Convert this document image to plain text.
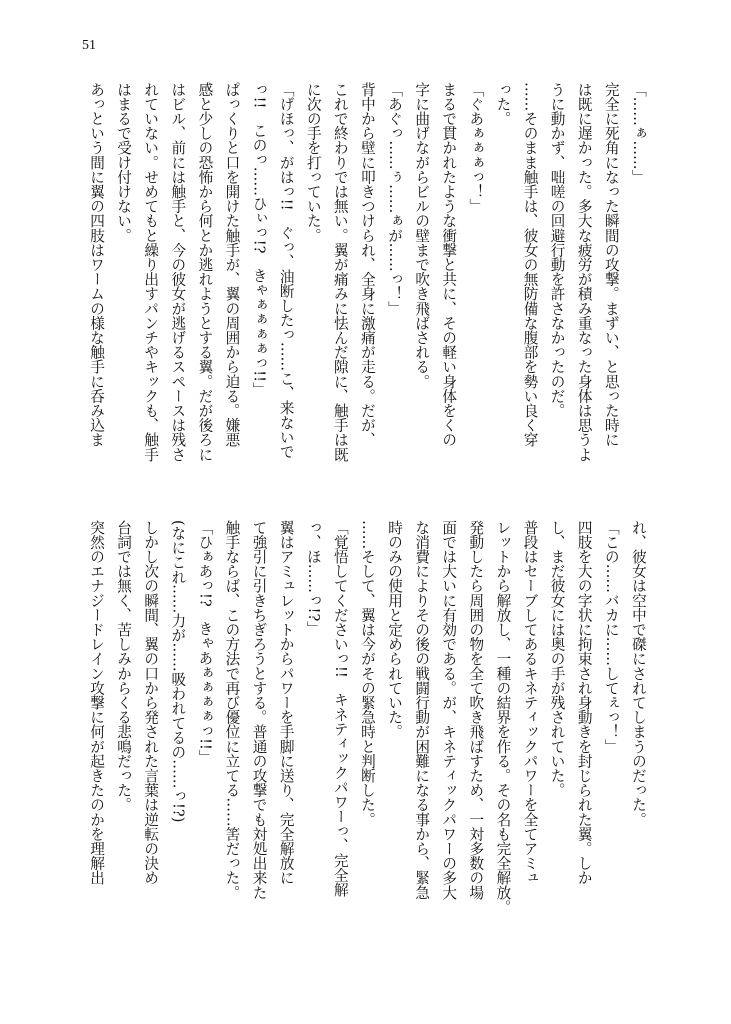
51
「……ぁ……」
完全に死角になった瞬間の攻撃。まずい、と思った時に
は既に遅かった。多大な疲労が積み重なった身体は思うよ
うに動かず、咄嗟の回避行動を許さなかったのだ。
……そのまま触手は、彼女の無防備な腹部を勢い良く穿
った。
「ぐあぁぁぁっ！」
まるで貫かれたような衝撃と共に、その軽い身体をくの
字に曲げながらビルの壁まで吹き飛ばされる。
「あぐっ……ぅ……ぁが……っ！」
背中から壁に叩きつけられ、全身に激痛が走る。だが、
これで終わりでは無い。翼が痛みに怯んだ隙に、触手は既
に次の手を打っていた。
「げほっ、がはっ!!　ぐっ、油断したっ……こ、来ないで
っ!!　このっ……ひぃっ!?　きゃぁぁぁぁっ!!」
ぱっくりと口を開けた触手が、翼の周囲から迫る。嫌悪
感と少しの恐怖から何とか逃れようとする翼。だが後ろに
はビル、前には触手と、今の彼女が逃げるスペースは残さ
れていない。せめてもと繰り出すパンチやキックも、触手
はまるで受け付けない。
あっという間に翼の四肢はワームの様な触手に呑み込ま
れ、彼女は空中で磔にされてしまうのだった。
「この……バカに……してぇっ！」
四肢を大の字状に拘束され身動きを封じられた翼。しか
し、まだ彼女には奥の手が残されていた。
普段はセーブしてあるキネティックパワーを全てアミュ
レットから解放し、一種の結界を作る。その名も完全解放。
発動したら周囲の物を全て吹き飛ばすため、一対多数の場
面では大いに有効である。が、キネティックパワーの多大
な消費によりその後の戦闘行動が困難になる事から、緊急
時のみの使用と定められていた。
……そして、翼は今がその緊急時と判断した。
「覚悟してくださいっ!!　キネティックパワーっ、完全解
っ、ほ……っ!?」
翼はアミュレットからパワーを手脚に送り、完全解放に
て強引に引きちぎろうとする。普通の攻撃でも対処出来た
触手ならば、この方法で再び優位に立てる……筈だった。
「ひぁあっ!?　きゃあぁぁぁぁっ!!」
(なにこれ……力が……吸われてるの……っ!?)
しかし次の瞬間、翼の口から発された言葉は逆転の決め
台詞では無く、苦しみからくる悲鳴だった。
突然のエナジードレイン攻撃に何が起きたのかを理解出
